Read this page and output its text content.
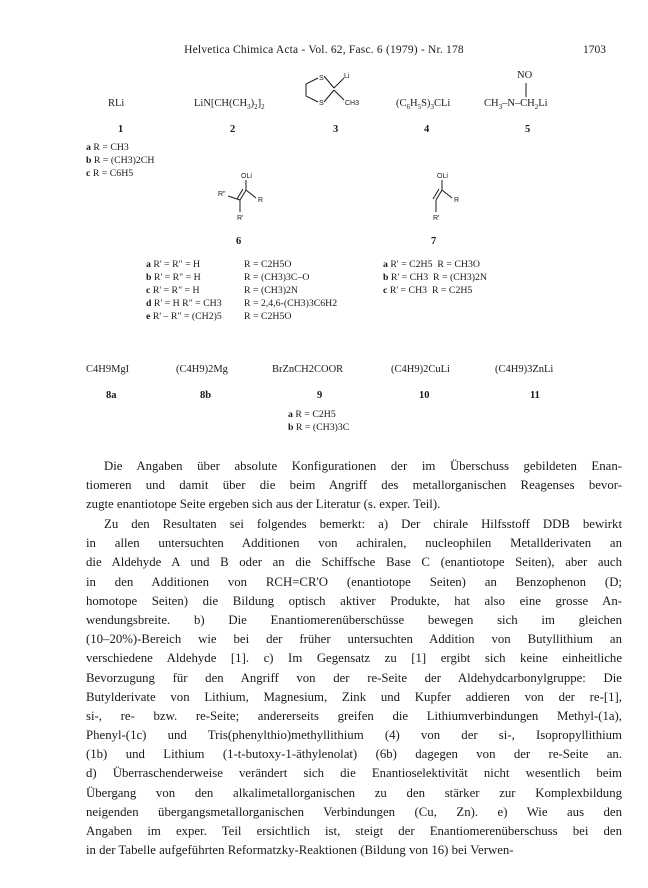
Helvetica Chimica Acta - Vol. 62, Fasc. 6 (1979) - Nr. 178	1703
RLi	$LiN[CH(CH_3)_2]_2$
S	Li
S	CH3	$(C_6H_5S)_3CLi$
NO
$CH_3-N-CH_2Li$
1	2	3	4	5
a R = CH3
b R = (CH3)2CH
c R = C6H5	OLi
R
R"
R'
6
OLi
R
R'
7
a R' = R" = H
b R' = R" = H
c R' = R" = H
d R' = H R" = CH3
e R' – R" = (CH2)5
R = C2H5O
R = (CH3)3C–O
R = (CH3)2N
R = 2,4,6-(CH3)3C6H2
R = C2H5O
a R' = C2H5 R = CH3O
b R' = CH3 R = (CH3)2N
c R' = CH3 R = C2H5
C4H9MgI	(C4H9)2Mg	BrZnCH2COOR	(C4H9)2CuLi	(C4H9)3ZnLi
8a	8b	9	10	11
a R = C2H5
b R = (CH3)3C
Die Angaben über absolute Konfigurationen der im Überschuss gebildeten Enan-
tiomeren und damit über die beim Angriff des metallorganischen Reagenses bevor-
zugte enantiotope Seite ergeben sich aus der Literatur (s. exper. Teil).
Zu den Resultaten sei folgendes bemerkt: a) Der chirale Hilfsstoff DDB bewirkt
in allen untersuchten Additionen von achiralen, nucleophilen Metallderivaten an
die Aldehyde A und B oder an die Schiffsche Base C (enantiotope Seiten), aber auch
in den Additionen von RCH=CR'O (enantiotope Seiten) an Benzophenon (D;
homotope Seiten) die Bildung optisch aktiver Produkte, hat also eine grosse An-
wendungsbreite. b) Die Enantiomerenüberschüsse bewegen sich im gleichen
(10–20%)-Bereich wie bei der früher untersuchten Addition von Butyllithium an
verschiedene Aldehyde [1]. c) Im Gegensatz zu [1] ergibt sich keine einheitliche
Bevorzugung für den Angriff von der re-Seite der Aldehydcarbonylgruppe: Die
Butylderivate von Lithium, Magnesium, Zink und Kupfer addieren von der re-[1],
si-, re- bzw. re-Seite; andererseits greifen die Lithiumverbindungen Methyl-(1a),
Phenyl-(1c) und Tris(phenylthio)methyllithium (4) von der si-, Isopropyllithium
(1b) und Lithium (1-t-butoxy-1-äthylenolat) (6b) dagegen von der re-Seite an.
d) Überraschenderweise verändert sich die Enantioselektivität nicht wesentlich beim
Übergang von den alkalimetallorganischen zu den stärker zur Komplexbildung
neigenden übergangsmetallorganischen Verbindungen (Cu, Zn). e) Wie aus den
Angaben im exper. Teil ersichtlich ist, steigt der Enantiomerenüberschuss bei den
in der Tabelle aufgeführten Reformatzky-Reaktionen (Bildung von 16) bei Verwen-
